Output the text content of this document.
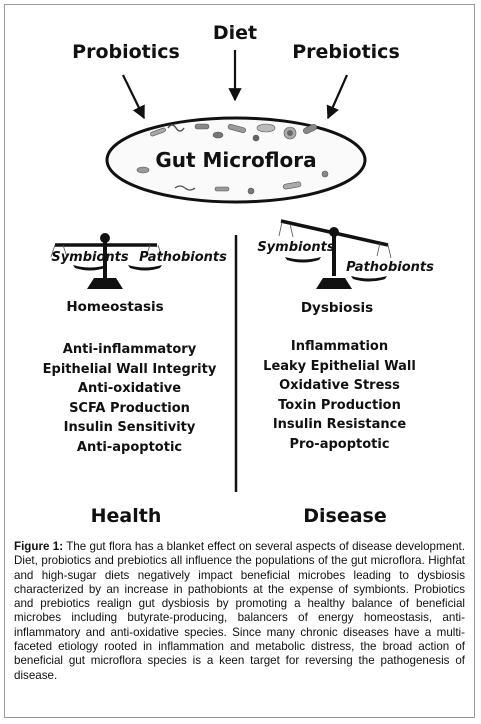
Probiotics
Diet
Prebiotics
Gut Microflora
Symbionts Pathobionts
Symbionts
Pathobionts
Homeostasis	Dysbiosis
Anti-inflammatory
Epithelial Wall Integrity
Anti-oxidative
SCFA Production
Insulin Sensitivity
Anti-apoptotic
Inflammation
Leaky Epithelial Wall
Oxidative Stress
Toxin Production
Insulin Resistance
Pro-apoptotic
Health	Disease

Figure 1: The gut flora has a blanket effect on several aspects of disease development. Diet, probiotics and prebiotics all influence the populations of the gut microflora. Highfat and high-sugar diets negatively impact beneficial microbes leading to dysbiosis characterized by an increase in pathobionts at the expense of symbionts. Probiotics and prebiotics realign gut dysbiosis by promoting a healthy balance of beneficial microbes including butyrate-producing, balancers of energy homeostasis, anti-inflammatory and anti-oxidative species. Since many chronic diseases have a multi-faceted etiology rooted in inflammation and metabolic distress, the broad action of beneficial gut microflora species is a keen target for reversing the pathogenesis of disease.
